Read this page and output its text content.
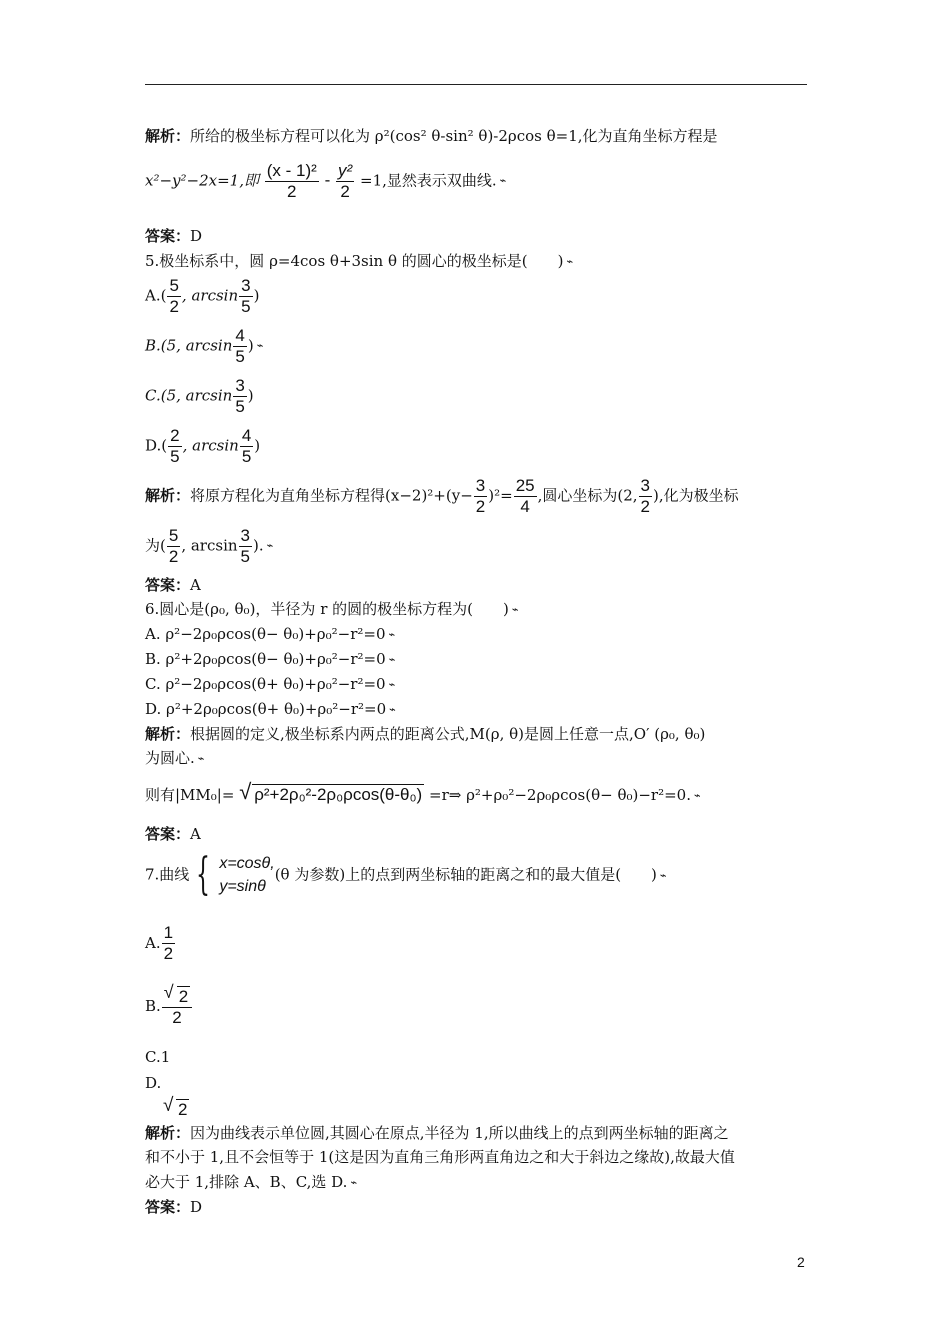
解析：所给的极坐标方程可以化为 ρ²(cos² θ-sin² θ)-2ρcos θ=1,化为直角坐标方程是
x²−y²−2x=1,即 $\frac{\text{(x - 1)²}}{2} - \frac{\text{y²}}{2} =1$,显然表示双曲线. ⌁
答案：D
5.极坐标系中，圆 ρ=4cos θ+3sin θ 的圆心的极坐标是(　　) ⌁
$A.( \frac{5}{2}$ , $\arcsin \frac{3}{5}$ )
B.(5, $\arcsin \frac{4}{5}$ ) ⌁
C.(5, $\arcsin \frac{3}{5}$ )
$D.( \frac{2}{5}$ , $\arcsin \frac{4}{5}$ )
解析：将原方程化为直角坐标方程得$(x-2)^2+(y- \frac{3}{2} )^2= \frac{25}{4}$ ,圆心坐标为(2, $\frac{3}{2}$ ),化为极坐标
为( $\frac{5}{2}$ , $\arcsin \frac{3}{5}$ ). ⌁
答案：A
6.圆心是(ρ₀, θ₀)，半径为 r 的圆的极坐标方程为(　　) ⌁
A. ρ²−2ρ₀ρcos(θ− θ₀)+ρ₀²−r²=0 ⌁
B. ρ²+2ρ₀ρcos(θ− θ₀)+ρ₀²−r²=0 ⌁
C. ρ²−2ρ₀ρcos(θ+ θ₀)+ρ₀²−r²=0 ⌁
D. ρ²+2ρ₀ρcos(θ+ θ₀)+ρ₀²−r²=0 ⌁
解析：根据圆的定义,极坐标系内两点的距离公式,M(ρ, θ)是圆上任意一点,O′ (ρ₀, θ₀)
为圆心. ⌁
则有|MM₀|= √ ρ²+2ρ₀²-2ρ₀ρcos(θ-θ₀) =r⇒ ρ²+ρ₀²−2ρ₀ρcos(θ− θ₀)−r²=0. ⌁
答案：A
7.曲线 { x=cosθ,
y=sinθ
(θ 为参数)上的点到两坐标轴的距离之和的最大值是(　　) ⌁
A. $\frac{1}{2}$
B. $\frac{√ 2}{2}$
C.1
D.

√ 2
解析：因为曲线表示单位圆,其圆心在原点,半径为 1,所以曲线上的点到两坐标轴的距离之
和不小于 1,且不会恒等于 1(这是因为直角三角形两直角边之和大于斜边之缘故),故最大值
必大于 1,排除 A、B、C,选 D. ⌁
答案：D
2
